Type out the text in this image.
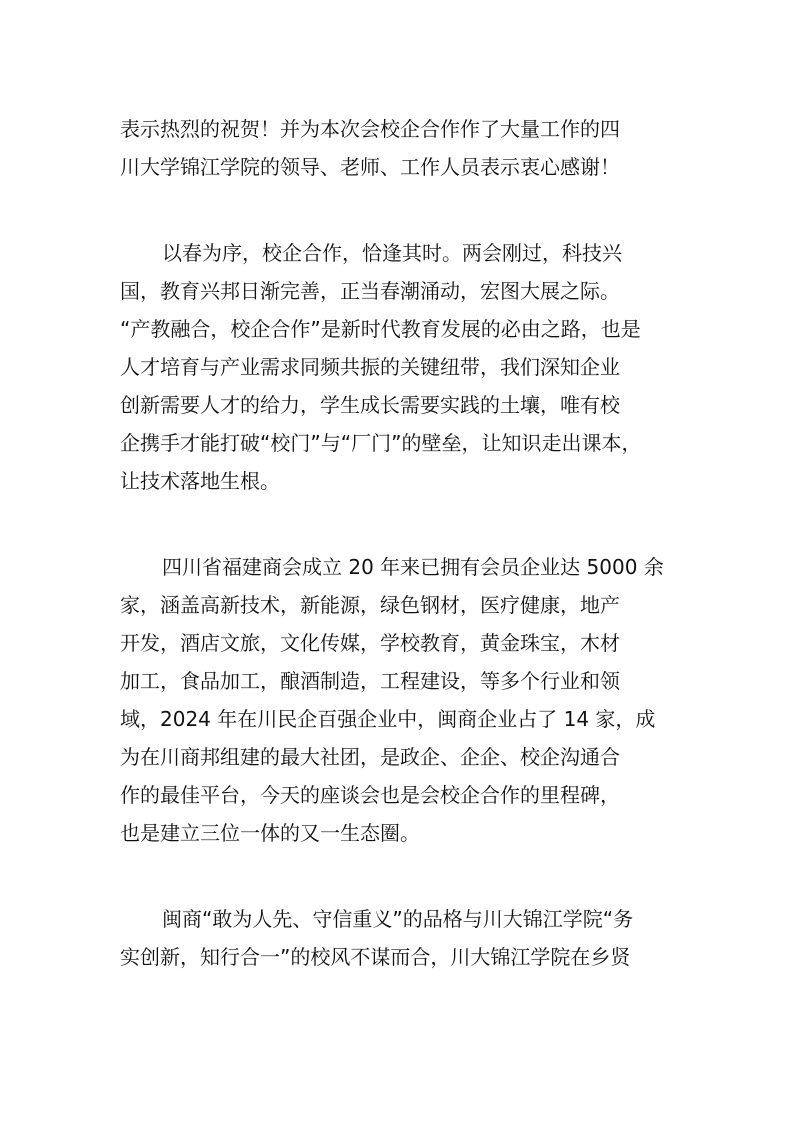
表示热烈的祝贺！并为本次会校企合作作了大量工作的四
川大学锦江学院的领导、老师、工作人员表示衷心感谢！

以春为序，校企合作，恰逢其时。两会刚过，科技兴
国，教育兴邦日渐完善，正当春潮涌动，宏图大展之际。
“产教融合，校企合作”是新时代教育发展的必由之路，也是
人才培育与产业需求同频共振的关键纽带，我们深知企业
创新需要人才的给力，学生成长需要实践的土壤，唯有校
企携手才能打破“校门”与“厂门”的壁垒，让知识走出课本，
让技术落地生根。

四川省福建商会成立 20 年来已拥有会员企业达 5000 余
家，涵盖高新技术，新能源，绿色钢材，医疗健康，地产
开发，酒店文旅，文化传媒，学校教育，黄金珠宝，木材
加工，食品加工，酿酒制造，工程建设，等多个行业和领
域，2024 年在川民企百强企业中，闽商企业占了 14 家，成
为在川商邦组建的最大社团，是政企、企企、校企沟通合
作的最佳平台，今天的座谈会也是会校企合作的里程碑，
也是建立三位一体的又一生态圈。

闽商“敢为人先、守信重义”的品格与川大锦江学院“务
实创新，知行合一”的校风不谋而合，川大锦江学院在乡贤
